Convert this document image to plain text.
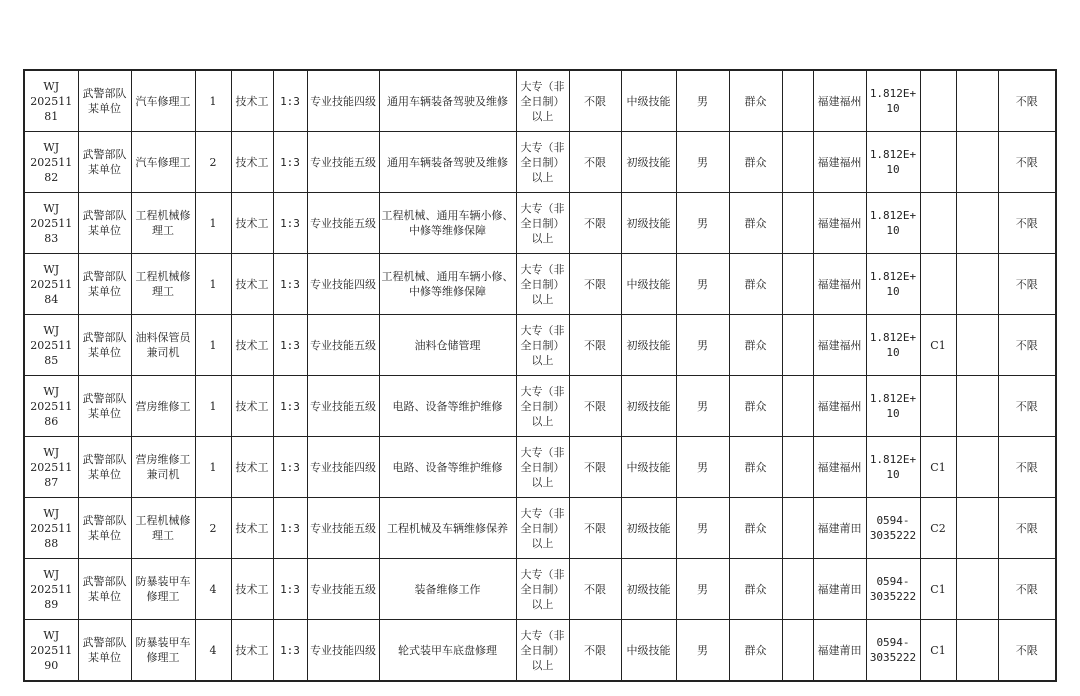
WJ
20251181	武警部队
某单位	汽车修理工	1	技术工	1:3	专业技能四级	通用车辆装备驾驶及维修	大专（非
全日制）
以上	不限	中级技能	男	群众		福建福州	1.812E+10			不限
WJ
20251182	武警部队
某单位	汽车修理工	2	技术工	1:3	专业技能五级	通用车辆装备驾驶及维修	大专（非
全日制）
以上	不限	初级技能	男	群众		福建福州	1.812E+10			不限
WJ
20251183	武警部队
某单位	工程机械修
理工	1	技术工	1:3	专业技能五级	工程机械、通用车辆小修、
中修等维修保障	大专（非
全日制）
以上	不限	初级技能	男	群众		福建福州	1.812E+10			不限
WJ
20251184	武警部队
某单位	工程机械修
理工	1	技术工	1:3	专业技能四级	工程机械、通用车辆小修、
中修等维修保障	大专（非
全日制）
以上	不限	中级技能	男	群众		福建福州	1.812E+10			不限
WJ
20251185	武警部队
某单位	油料保管员
兼司机	1	技术工	1:3	专业技能五级	油料仓储管理	大专（非
全日制）
以上	不限	初级技能	男	群众		福建福州	1.812E+10	C1		不限
WJ
20251186	武警部队
某单位	营房维修工	1	技术工	1:3	专业技能五级	电路、设备等维护维修	大专（非
全日制）
以上	不限	初级技能	男	群众		福建福州	1.812E+10			不限
WJ
20251187	武警部队
某单位	营房维修工
兼司机	1	技术工	1:3	专业技能四级	电路、设备等维护维修	大专（非
全日制）
以上	不限	中级技能	男	群众		福建福州	1.812E+10	C1		不限
WJ
20251188	武警部队
某单位	工程机械修
理工	2	技术工	1:3	专业技能五级	工程机械及车辆维修保养	大专（非
全日制）
以上	不限	初级技能	男	群众		福建莆田	0594-
3035222	C2		不限
WJ
20251189	武警部队
某单位	防暴装甲车
修理工	4	技术工	1:3	专业技能五级	装备维修工作	大专（非
全日制）
以上	不限	初级技能	男	群众		福建莆田	0594-
3035222	C1		不限
WJ
20251190	武警部队
某单位	防暴装甲车
修理工	4	技术工	1:3	专业技能四级	轮式装甲车底盘修理	大专（非
全日制）
以上	不限	中级技能	男	群众		福建莆田	0594-
3035222	C1		不限
